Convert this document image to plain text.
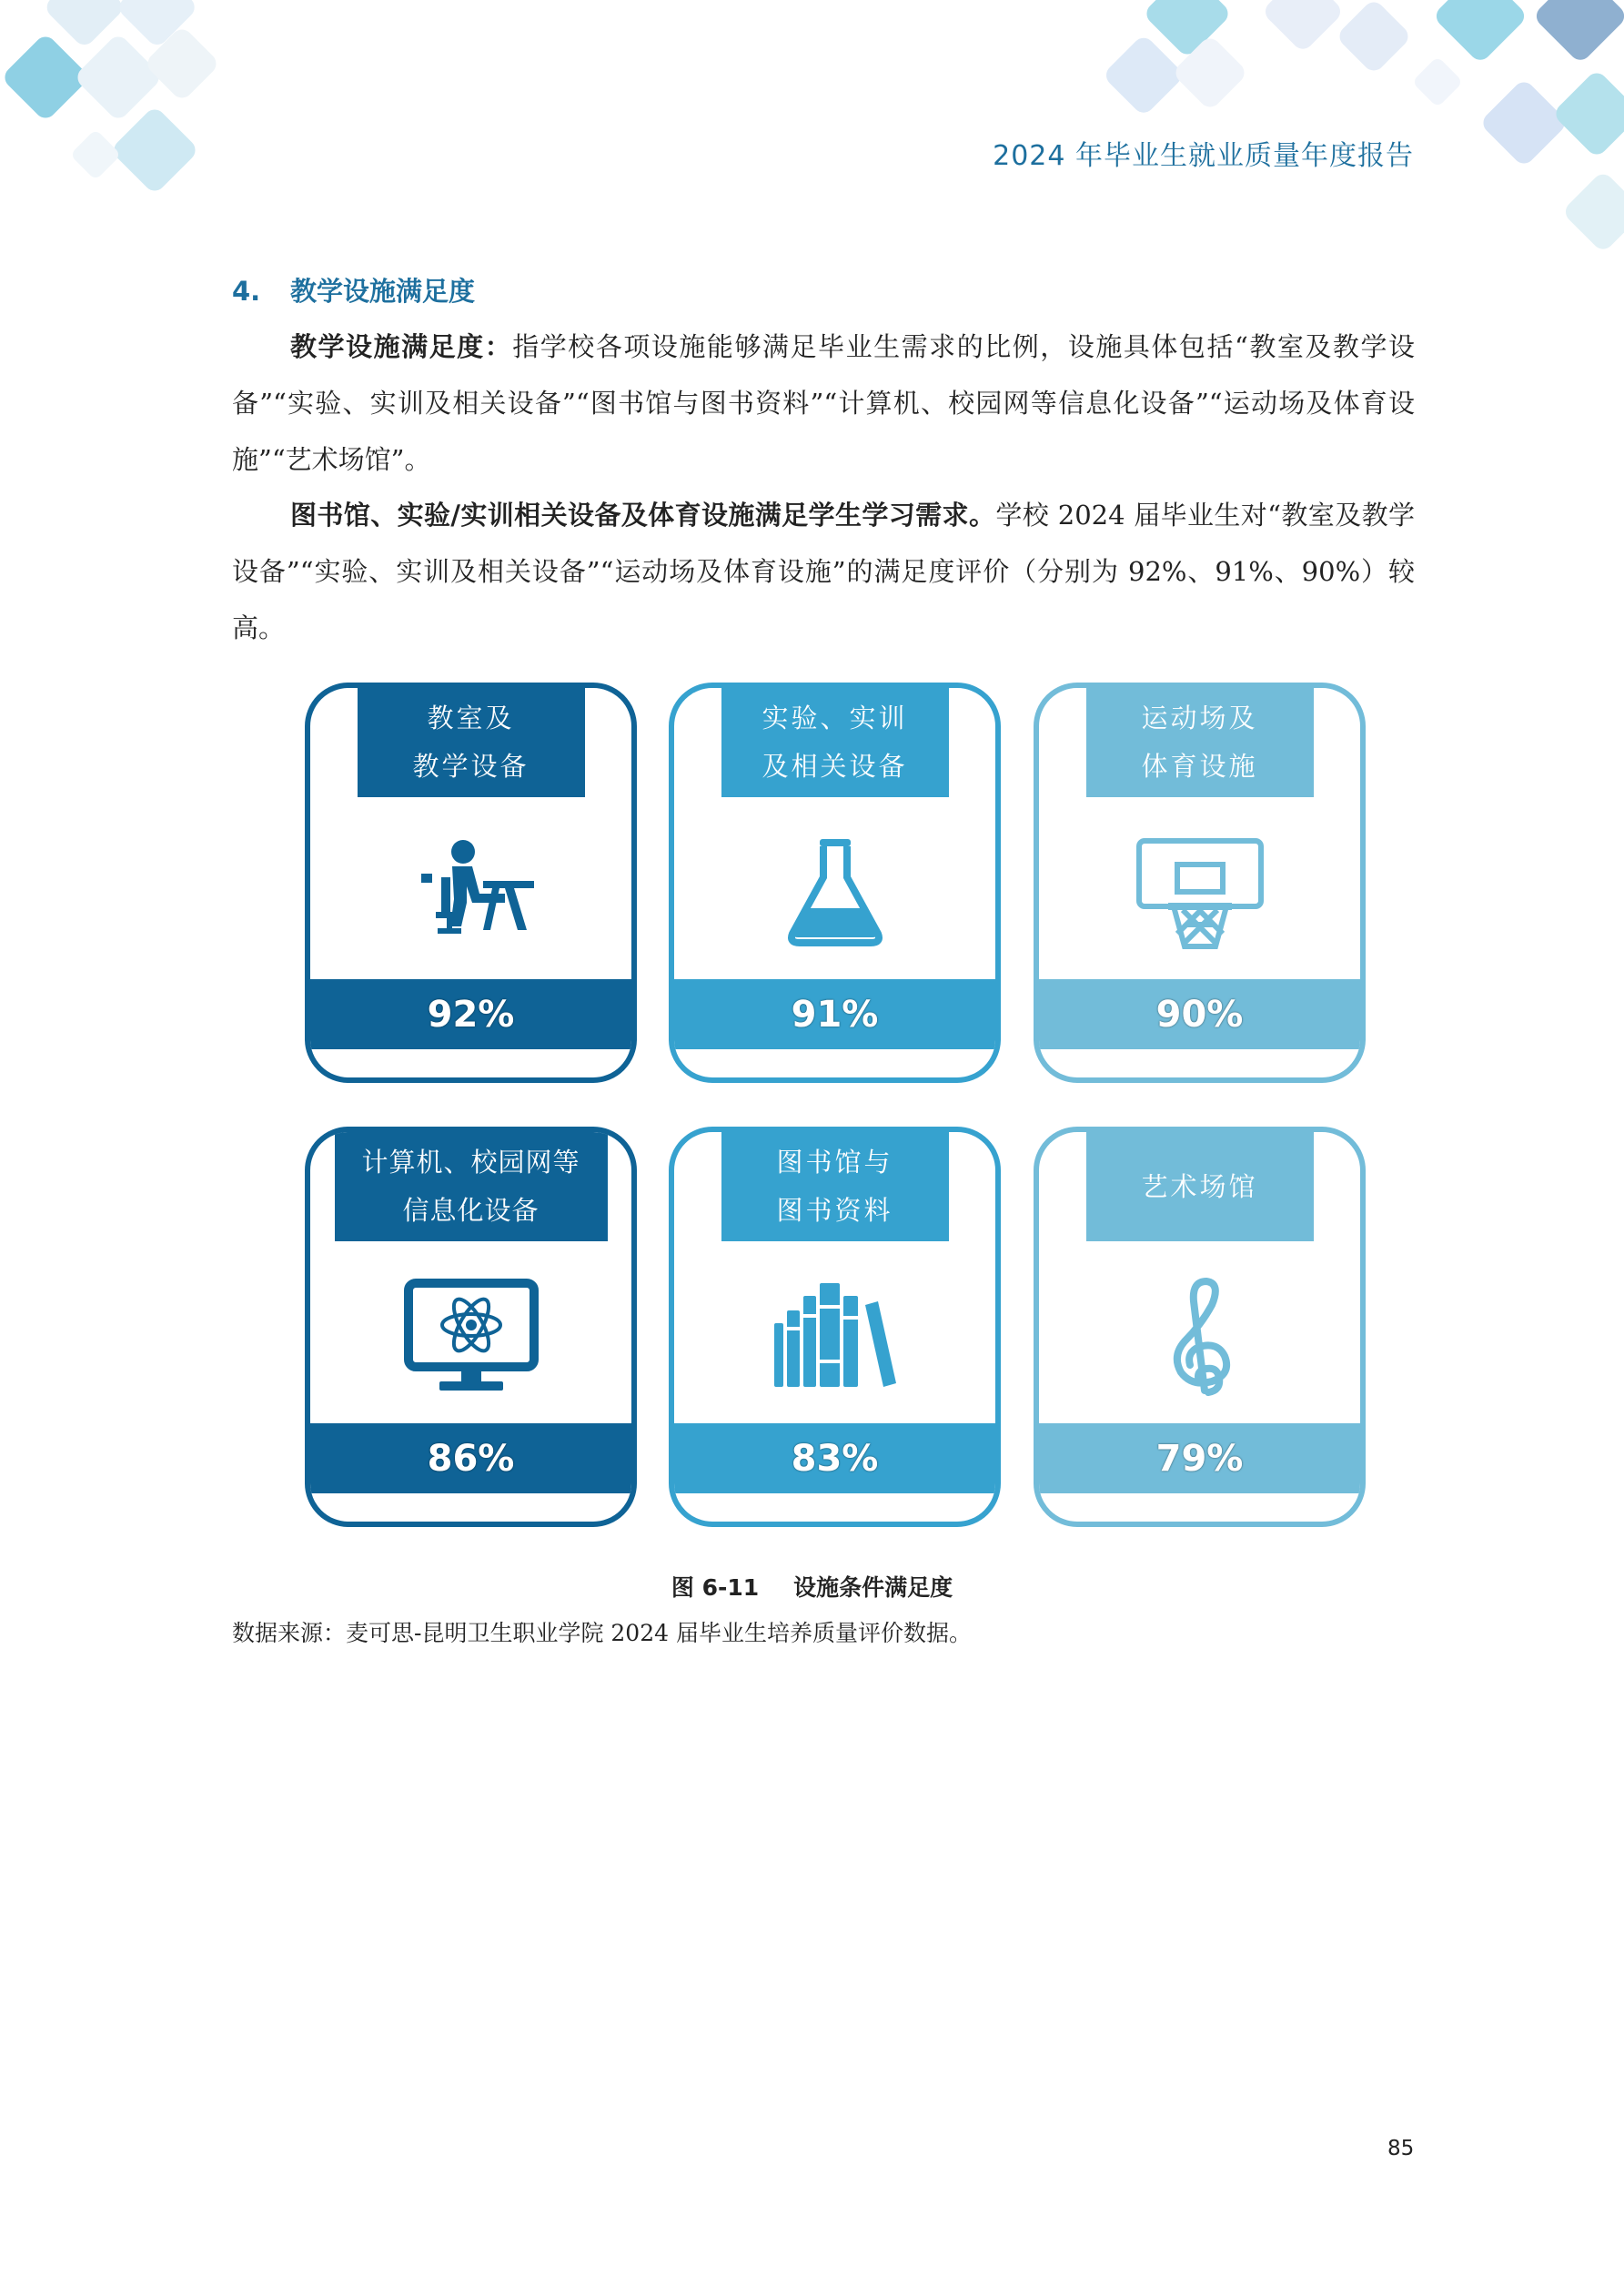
2024 年毕业生就业质量年度报告
4. 教学设施满足度

教学设施满足度：指学校各项设施能够满足毕业生需求的比例，设施具体包括“教室及教学设备”“实验、实训及相关设备”“图书馆与图书资料”“计算机、校园网等信息化设备”“运动场及体育设施”“艺术场馆”。

图书馆、实验/实训相关设备及体育设施满足学生学习需求。学校 2024 届毕业生对“教室及教学设备”“实验、实训及相关设备”“运动场及体育设施”的满足度评价（分别为 92%、91%、90%）较高。

教室及
教学设备
92%
实验、实训
及相关设备
91%
运动场及
体育设施
90%
计算机、校园网等
信息化设备
86%
图书馆与
图书资料
83%
艺术场馆
79%
图 6-11 设施条件满足度
数据来源：麦可思-昆明卫生职业学院 2024 届毕业生培养质量评价数据。
85
